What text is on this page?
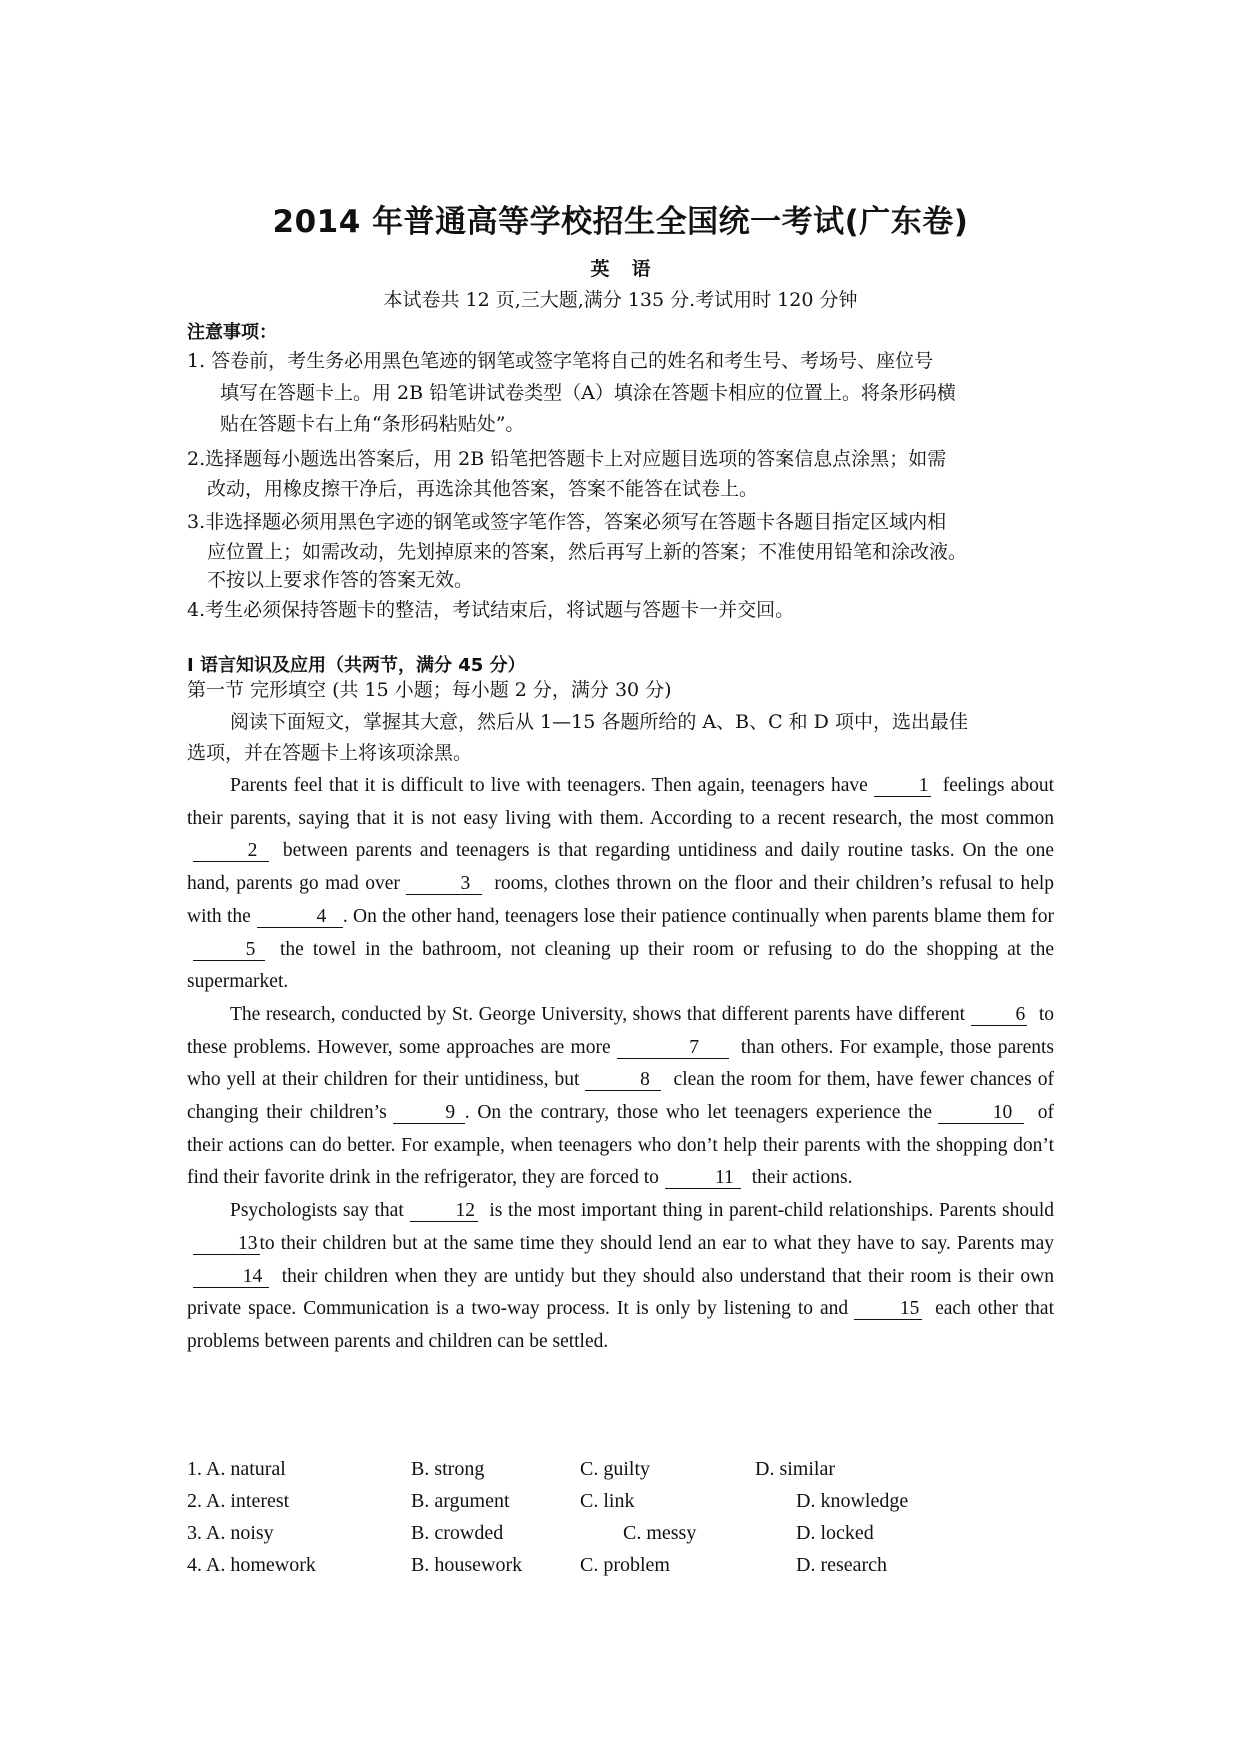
2014 年普通高等学校招生全国统一考试(广东卷)
英语
本试卷共 12 页,三大题,满分 135 分.考试用时 120 分钟
注意事项：
1. 答卷前，考生务必用黑色笔迹的钢笔或签字笔将自己的姓名和考生号、考场号、座位号
填写在答题卡上。用 2B 铅笔讲试卷类型（A）填涂在答题卡相应的位置上。将条形码横
贴在答题卡右上角“条形码粘贴处”。
2.选择题每小题选出答案后，用 2B 铅笔把答题卡上对应题目选项的答案信息点涂黑；如需
改动，用橡皮擦干净后，再选涂其他答案，答案不能答在试卷上。
3.非选择题必须用黑色字迹的钢笔或签字笔作答，答案必须写在答题卡各题目指定区域内相
应位置上；如需改动，先划掉原来的答案，然后再写上新的答案；不准使用铅笔和涂改液。
不按以上要求作答的答案无效。
4.考生必须保持答题卡的整洁，考试结束后，将试题与答题卡一并交回。
I 语言知识及应用（共两节，满分 45 分）
第一节 完形填空 (共 15 小题；每小题 2 分，满分 30 分)
阅读下面短文，掌握其大意，然后从 1—15 各题所给的 A、B、C 和 D 项中，选出最佳
选项，并在答题卡上将该项涂黑。

Parents feel that it is difficult to live with teenagers. Then again, teenagers have	1 feelings about their parents, saying that it is not easy living with them. According to a recent research, the most common2 between parents and teenagers is that regarding untidiness and daily routine tasks. On the one hand, parents go mad over	3 rooms, clothes thrown on the floor and their children’s refusal to help with the	4 . On the other hand, teenagers lose their patience continually when parents blame them for5 the towel in the bathroom, not cleaning up their room or refusing to do the shopping at the supermarket.

The research, conducted by St. George University, shows that different parents have different	6 to these problems. However, some approaches are more	7 than others. For example, those parents who yell at their children for their untidiness, but	8 clean the room for them, have fewer chances of changing their children’s	9 . On the contrary, those who let teenagers experience the	10 of their actions can do better. For example, when teenagers who don’t help their parents with the shopping don’t find their favorite drink in the refrigerator, they are forced to	11 their actions.

Psychologists say that	12 is the most important thing in parent-child relationships. Parents should13 to their children but at the same time they should lend an ear to what they have to say. Parents may14 their children when they are untidy but they should also understand that their room is their own private space. Communication is a two-way process. It is only by listening to and	15 each other that problems between parents and children can be settled.

1. A. natural	B. strong	C. guilty	D. similar
2. A. interest	B. argument	C. link	D. knowledge
3. A. noisy	B. crowded	C. messy	D. locked
4. A. homework	B. housework	C. problem	D. research
